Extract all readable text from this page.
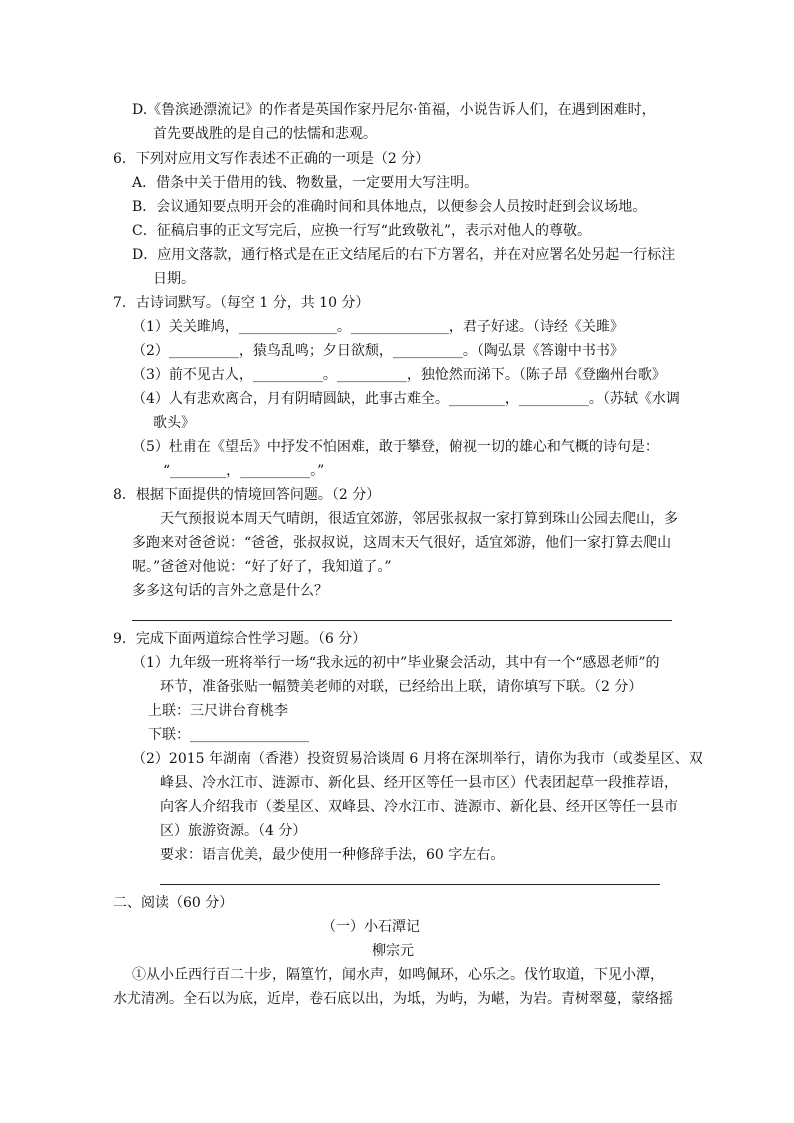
D.《鲁滨逊漂流记》的作者是英国作家丹尼尔·笛福，小说告诉人们，在遇到困难时，
首先要战胜的是自己的怯懦和悲观。
6．下列对应用文写作表述不正确的一项是（2 分）
A．借条中关于借用的钱、物数量，一定要用大写注明。
B．会议通知要点明开会的准确时间和具体地点，以便参会人员按时赶到会议场地。
C．征稿启事的正文写完后，应换一行写“此致敬礼”，表示对他人的尊敬。
D．应用文落款，通行格式是在正文结尾后的右下方署名，并在对应署名处另起一行标注
日期。
7．古诗词默写。（每空 1 分，共 10 分）
（1）关关雎鸠，______________。______________，君子好逑。（诗经《关雎》
（2）__________，猿鸟乱鸣；夕日欲颓，__________。（陶弘景《答谢中书书》
（3）前不见古人，__________。__________，独怆然而涕下。（陈子昂《登幽州台歌》
（4）人有悲欢离合，月有阴晴圆缺，此事古难全。________，__________。（苏轼《水调
歌头》
（5）杜甫在《望岳》中抒发不怕困难，敢于攀登，俯视一切的雄心和气概的诗句是：
“________，__________。”
8．根据下面提供的情境回答问题。（2 分）
天气预报说本周天气晴朗，很适宜郊游，邻居张叔叔一家打算到珠山公园去爬山，多
多跑来对爸爸说：“爸爸，张叔叔说，这周末天气很好，适宜郊游，他们一家打算去爬山
呢。”爸爸对他说：“好了好了，我知道了。”
多多这句话的言外之意是什么？
9．完成下面两道综合性学习题。（6 分）
（1）九年级一班将举行一场“我永远的初中”毕业聚会活动，其中有一个“感恩老师”的
环节，准备张贴一幅赞美老师的对联，已经给出上联，请你填写下联。（2 分）
上联：三尺讲台育桃李
下联：_________________
（2）2015 年湖南（香港）投资贸易洽谈周 6 月将在深圳举行，请你为我市（或娄星区、双
峰县、冷水江市、涟源市、新化县、经开区等任一县市区）代表团起草一段推荐语，
向客人介绍我市（娄星区、双峰县、冷水江市、涟源市、新化县、经开区等任一县市
区）旅游资源。（4 分）
要求：语言优美，最少使用一种修辞手法，60 字左右。
二、阅读（60 分）
（一）小石潭记
柳宗元
①从小丘西行百二十步，隔篁竹，闻水声，如鸣佩环，心乐之。伐竹取道，下见小潭，
水尤清冽。全石以为底，近岸，卷石底以出，为坻，为屿，为嵁，为岩。青树翠蔓，蒙络摇
